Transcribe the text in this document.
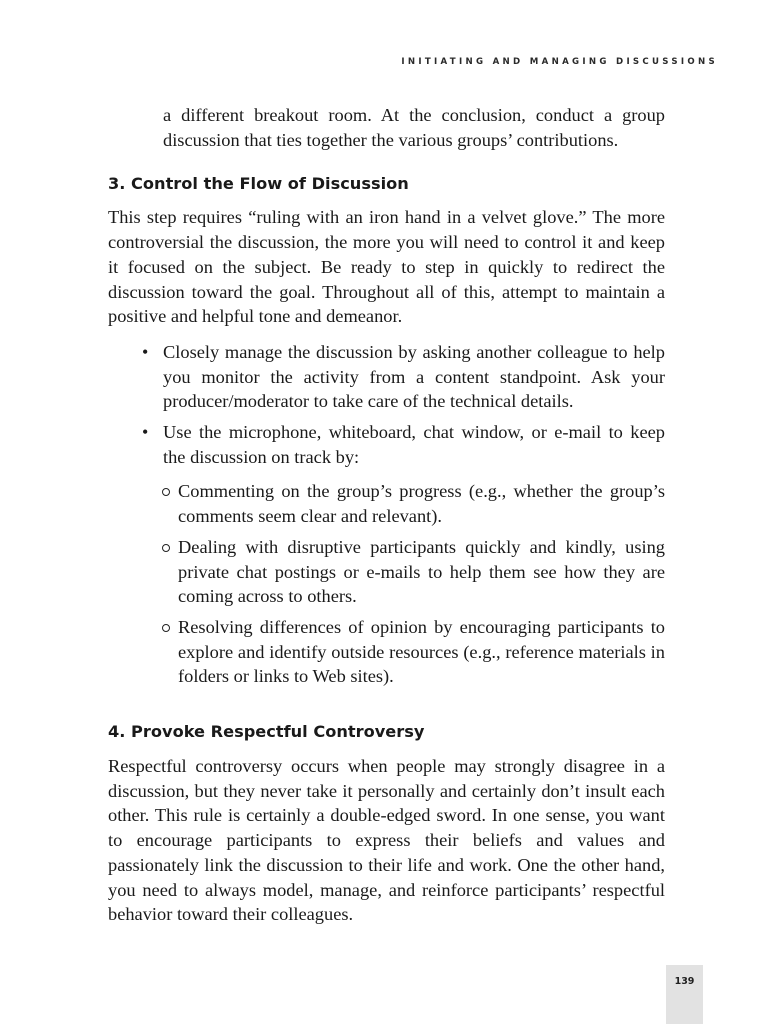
INITIATING AND MANAGING DISCUSSIONS

a different breakout room. At the conclusion, conduct a group discussion that ties together the various groups’ contributions.

3. Control the Flow of Discussion

This step requires “ruling with an iron hand in a velvet glove.” The more controversial the discussion, the more you will need to control it and keep it focused on the subject. Be ready to step in quickly to redirect the discussion toward the goal. Throughout all of this, attempt to maintain a positive and helpful tone and demeanor.

• Closely manage the discussion by asking another colleague to help you monitor the activity from a content standpoint. Ask your producer/moderator to take care of the technical details.
• Use the microphone, whiteboard, chat window, or e-mail to keep the discussion on track by:
Commenting on the group’s progress (e.g., whether the group’s comments seem clear and relevant).
Dealing with disruptive participants quickly and kindly, using private chat postings or e-mails to help them see how they are coming across to others.
Resolving differences of opinion by encouraging participants to explore and identify outside resources (e.g., reference materials in folders or links to Web sites).
4. Provoke Respectful Controversy

Respectful controversy occurs when people may strongly disagree in a discussion, but they never take it personally and certainly don’t insult each other. This rule is certainly a double-edged sword. In one sense, you want to encourage participants to express their beliefs and values and passionately link the discussion to their life and work. One the other hand, you need to always model, manage, and reinforce participants’ respectful behavior toward their colleagues.

139
